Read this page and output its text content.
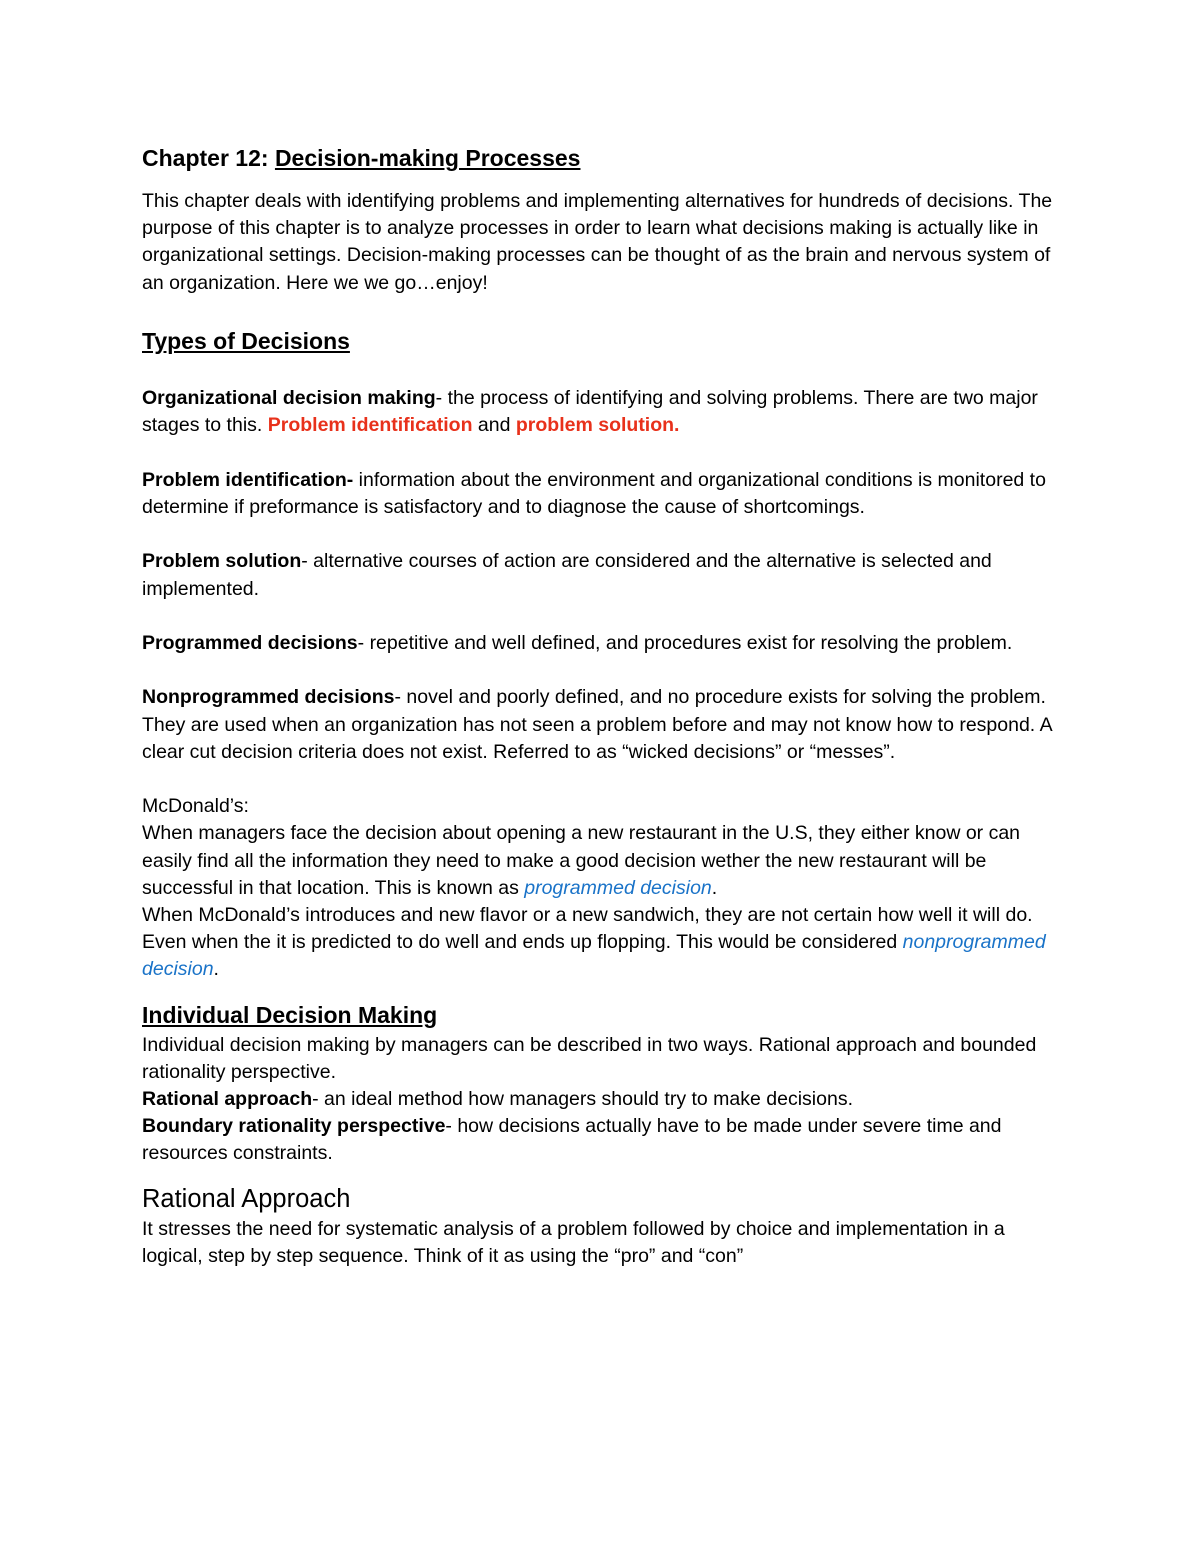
Chapter 12: Decision-making Processes

This chapter deals with identifying problems and implementing alternatives for hundreds of decisions. The purpose of this chapter is to analyze processes in order to learn what decisions making is actually like in organizational settings. Decision-making processes can be thought of as the brain and nervous system of an organization. Here we we go…enjoy!

Types of Decisions

Organizational decision making- the process of identifying and solving problems. There are two major stages to this. Problem identification and problem solution.

Problem identification- information about the environment and organizational conditions is monitored to determine if preformance is satisfactory and to diagnose the cause of shortcomings.

Problem solution- alternative courses of action are considered and the alternative is selected and implemented.

Programmed decisions- repetitive and well defined, and procedures exist for resolving the problem.

Nonprogrammed decisions- novel and poorly defined, and no procedure exists for solving the problem. They are used when an organization has not seen a problem before and may not know how to respond. A clear cut decision criteria does not exist. Referred to as “wicked decisions” or “messes”.

McDonald’s:

When managers face the decision about opening a new restaurant in the U.S, they either know or can easily find all the information they need to make a good decision wether the new restaurant will be successful in that location. This is known as programmed decision.

When McDonald’s introduces and new flavor or a new sandwich, they are not certain how well it will do. Even when the it is predicted to do well and ends up flopping. This would be considered nonprogrammed decision.

Individual Decision Making

Individual decision making by managers can be described in two ways. Rational approach and bounded rationality perspective.

Rational approach- an ideal method how managers should try to make decisions.

Boundary rationality perspective- how decisions actually have to be made under severe time and resources constraints.

Rational Approach

It stresses the need for systematic analysis of a problem followed by choice and implementation in a logical, step by step sequence. Think of it as using the “pro” and “con”
